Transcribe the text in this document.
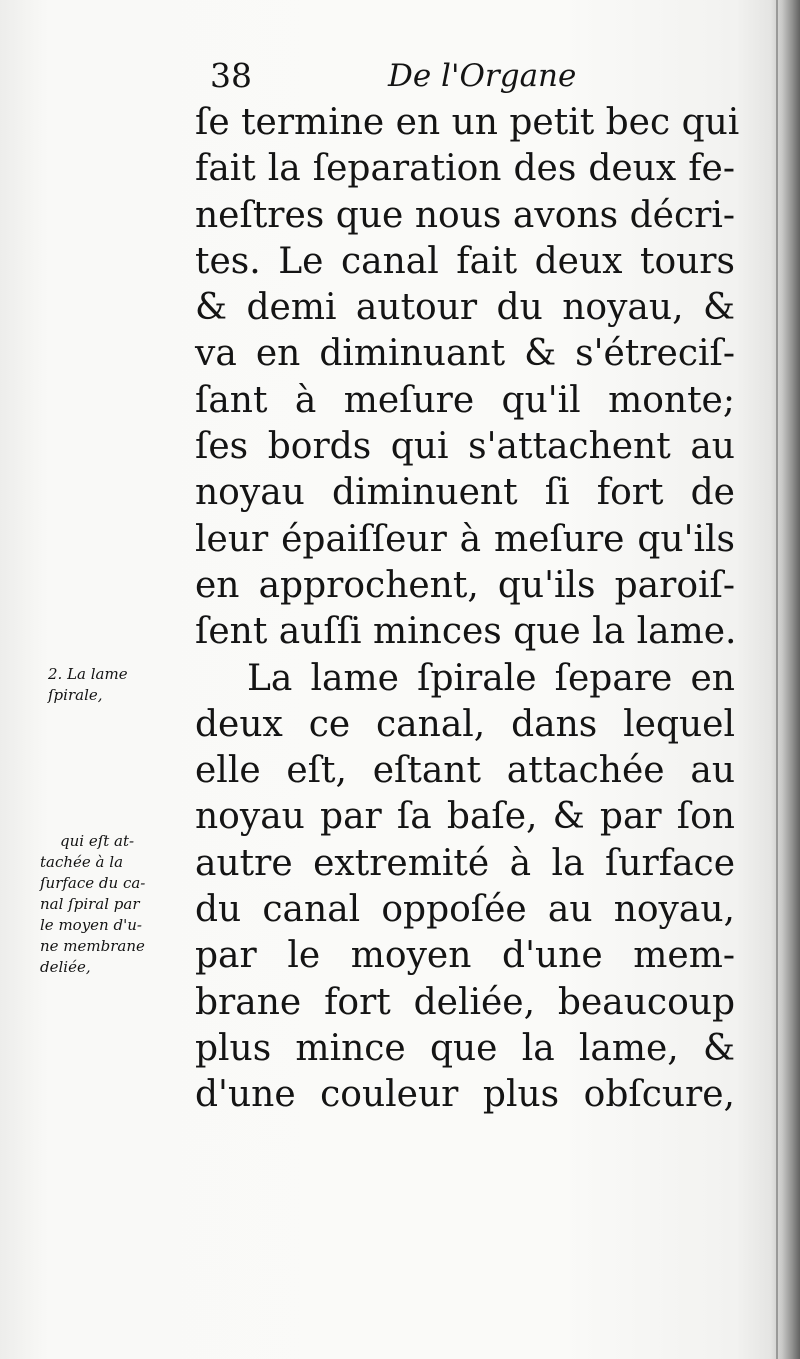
38	De l'Organe
ſe termine en un petit bec qui
fait la ſeparation des deux fe-
neſtres que nous avons décri-
tes. Le canal fait deux tours
& demi autour du noyau, &
va en diminuant & s'étreciſ-
ſant à meſure qu'il monte;
ſes bords qui s'attachent au
noyau diminuent ſi fort de
leur épaiſſeur à meſure qu'ils
en approchent, qu'ils paroiſ-
ſent auſſi minces que la lame.
La lame ſpirale ſepare en
deux ce canal, dans lequel
elle eſt, eſtant attachée au
noyau par ſa baſe, & par ſon
autre extremité à la ſurface
du canal oppoſée au noyau,
par le moyen d'une mem-
brane fort deliée, beaucoup
plus mince que la lame, &
d'une couleur plus obſcure,
2. La lame
ſpirale,
qui eſt at-
tachée à la
ſurface du ca-
nal ſpiral par
le moyen d'u-
ne membrane
deliée,
